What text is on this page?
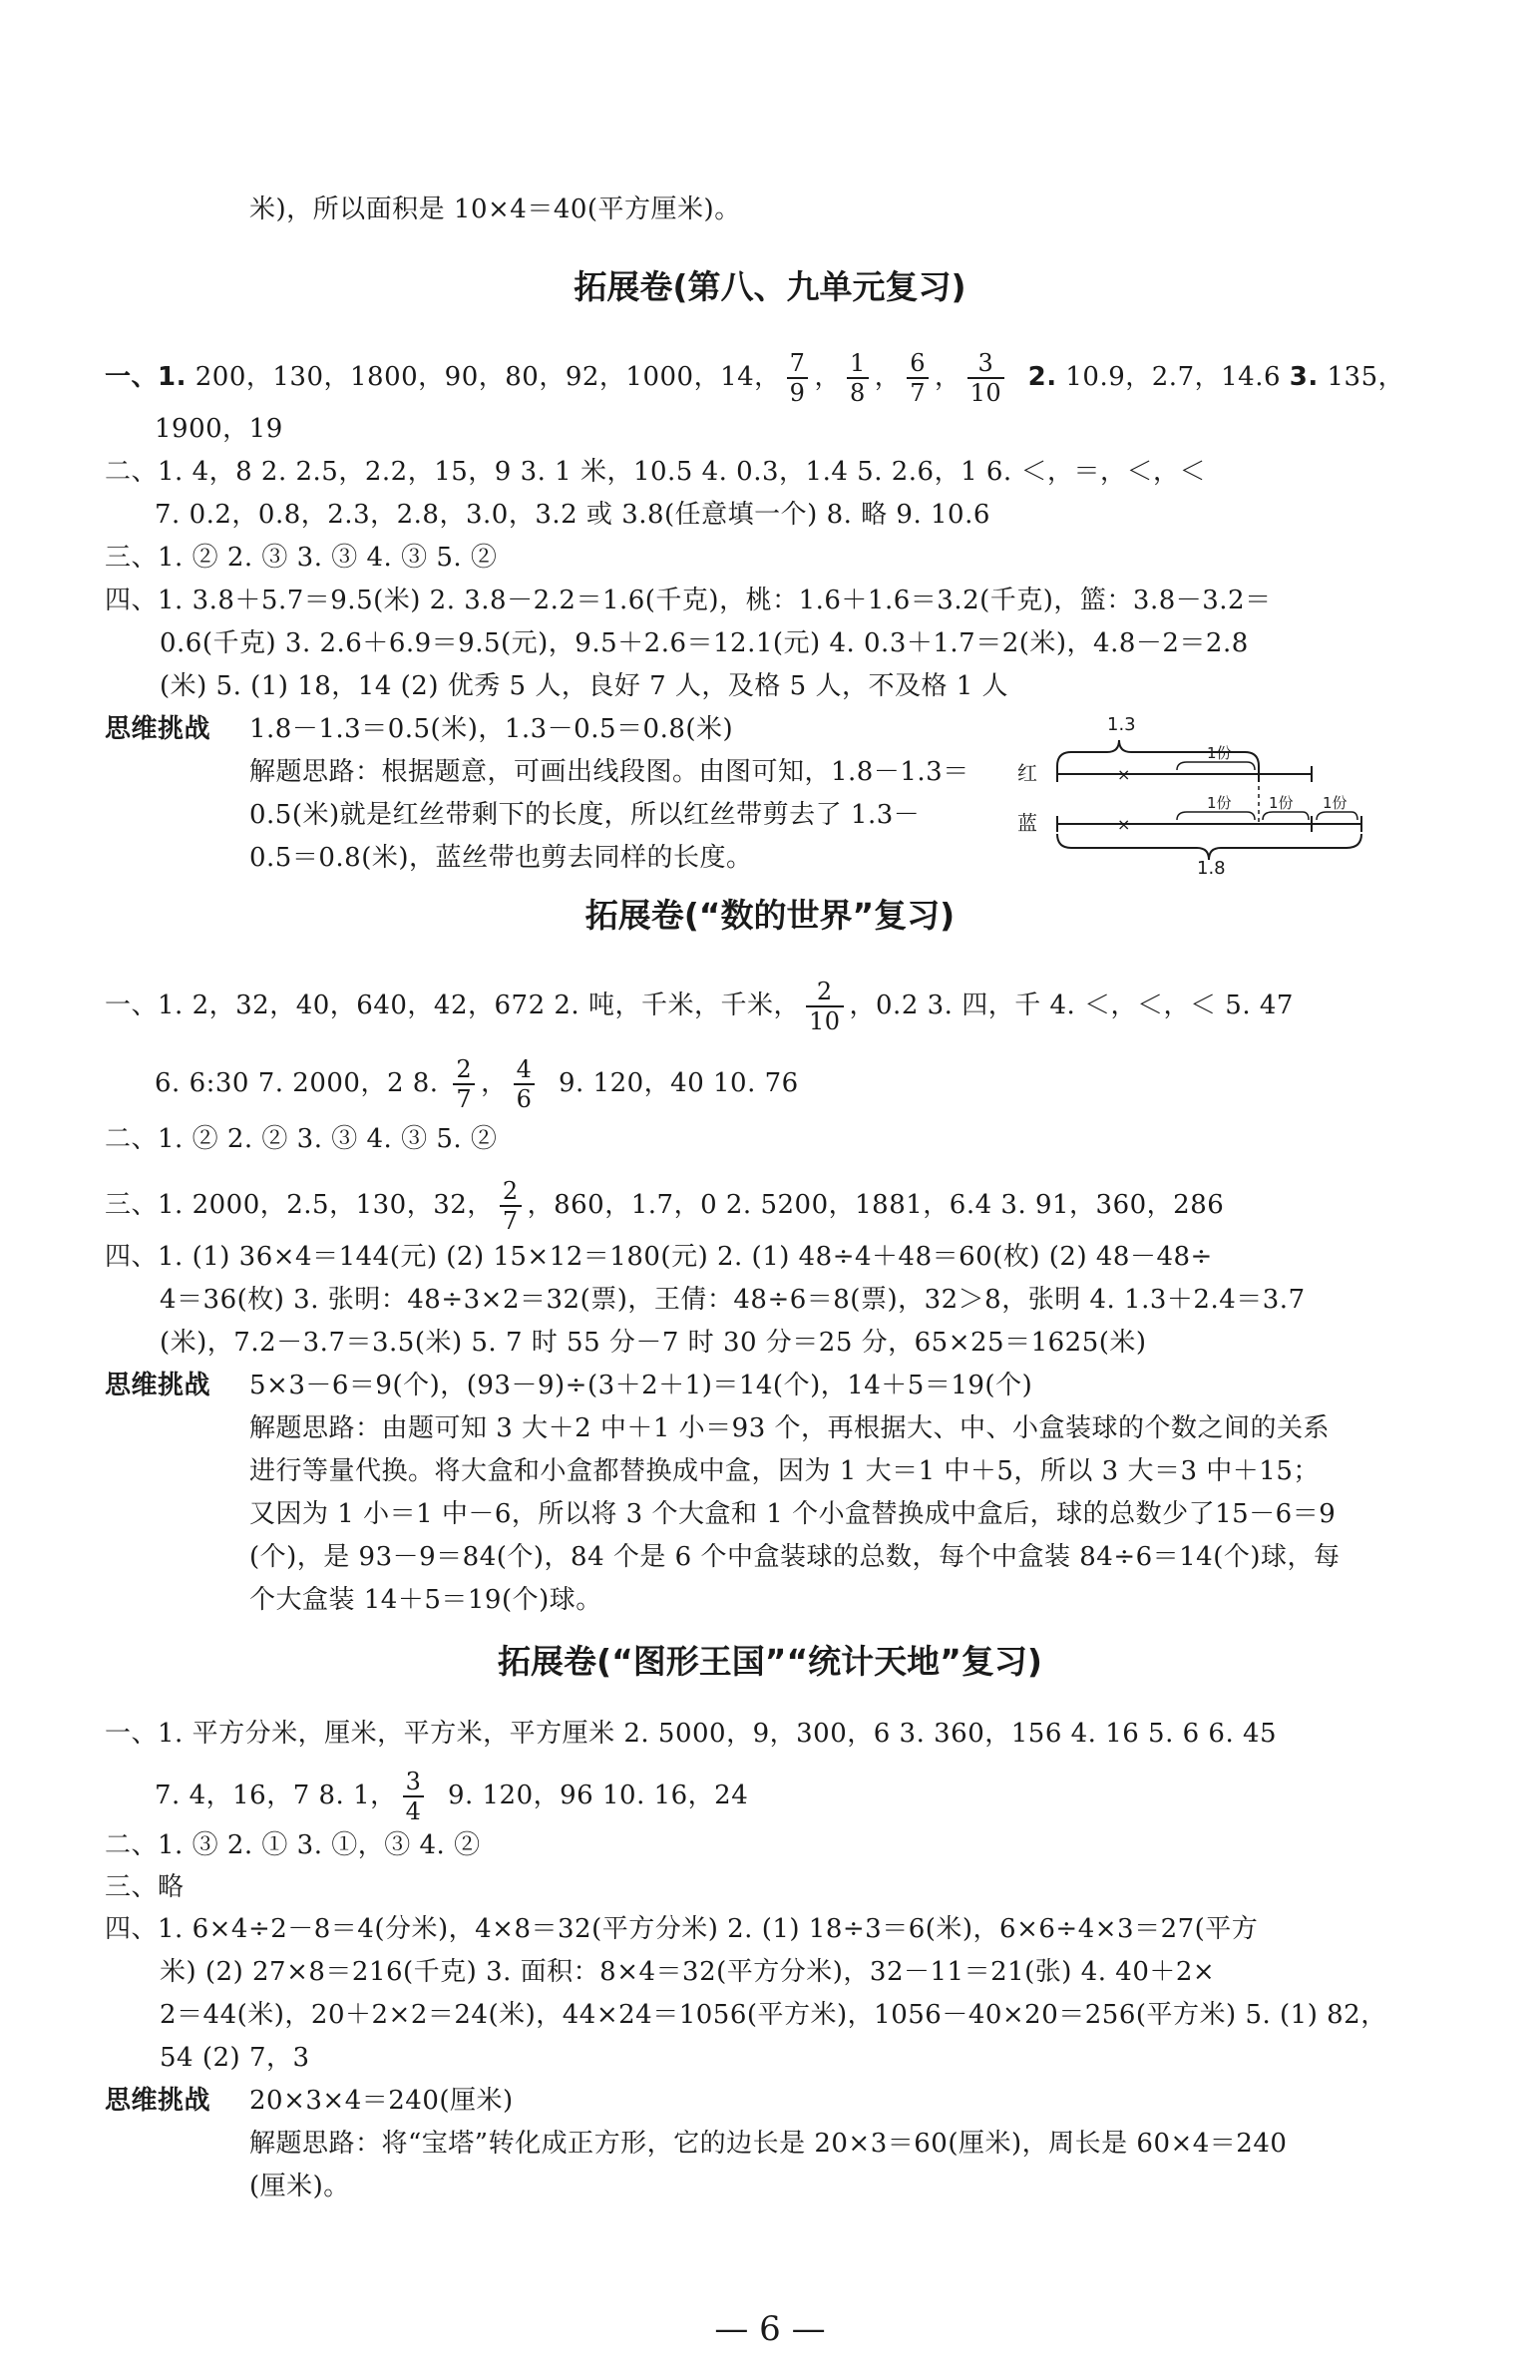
米)，所以面积是 10×4＝40(平方厘米)。
拓展卷(第八、九单元复习)
一、1. 200，130，1800，90，80，92，1000，14， $\frac{7}{9}$ ， $\frac{1}{8}$ ， $\frac{6}{7}$ ， $\frac{3}{10} 2$. 10.9，2.7，14.6 3. 135，
1900，19
二、1. 4，8 2. 2.5，2.2，15，9 3. 1 米，10.5 4. 0.3，1.4 5. 2.6，1 6. ＜，＝，＜，＜
7. 0.2，0.8，2.3，2.8，3.0，3.2 或 3.8(任意填一个) 8. 略 9. 10.6
三、1. ② 2. ③ 3. ③ 4. ③ 5. ②
四、1. 3.8＋5.7＝9.5(米) 2. 3.8－2.2＝1.6(千克)，桃：1.6＋1.6＝3.2(千克)，篮：3.8－3.2＝
0.6(千克) 3. 2.6＋6.9＝9.5(元)，9.5＋2.6＝12.1(元) 4. 0.3＋1.7＝2(米)，4.8－2＝2.8
(米) 5. (1) 18，14 (2) 优秀 5 人，良好 7 人，及格 5 人，不及格 1 人
思维挑战 1.8－1.3＝0.5(米)，1.3－0.5＝0.8(米)
解题思路：根据题意，可画出线段图。由图可知，1.8－1.3＝
0.5(米)就是红丝带剩下的长度，所以红丝带剪去了 1.3－
0.5＝0.8(米)，蓝丝带也剪去同样的长度。
1.3
红	×
1份
蓝	×
1份 1份 1份
1.8
拓展卷(“数的世界”复习)
一、1. 2，32，40，640，42，672 2. 吨，千米，千米， $\frac{2}{10}$ ，0.2 3. 四，千 4. ＜，＜，＜ 5. 47
6. 6:30 7. 2000，2 8. $\frac{2}{7}$ ， $\frac{4}{6} 9$. 120，40 10. 76
二、1. ② 2. ② 3. ③ 4. ③ 5. ②
三、1. 2000，2.5，130，32， $\frac{2}{7}$ ，860，1.7，0 2. 5200，1881，6.4 3. 91，360，286
四、1. (1) 36×4＝144(元) (2) 15×12＝180(元) 2. (1) 48÷4＋48＝60(枚) (2) 48－48÷
4＝36(枚) 3. 张明：48÷3×2＝32(票)，王倩：48÷6＝8(票)，32＞8，张明 4. 1.3＋2.4＝3.7
(米)，7.2－3.7＝3.5(米) 5. 7 时 55 分－7 时 30 分＝25 分，65×25＝1625(米)
思维挑战 5×3－6＝9(个)，(93－9)÷(3＋2＋1)＝14(个)，14＋5＝19(个)
解题思路：由题可知 3 大＋2 中＋1 小＝93 个，再根据大、中、小盒装球的个数之间的关系
进行等量代换。将大盒和小盒都替换成中盒，因为 1 大＝1 中＋5，所以 3 大＝3 中＋15；
又因为 1 小＝1 中－6，所以将 3 个大盒和 1 个小盒替换成中盒后，球的总数少了15－6＝9
(个)，是 93－9＝84(个)，84 个是 6 个中盒装球的总数，每个中盒装 84÷6＝14(个)球，每
个大盒装 14＋5＝19(个)球。
拓展卷(“图形王国”“统计天地”复习)
一、1. 平方分米，厘米，平方米，平方厘米 2. 5000，9，300，6 3. 360，156 4. 16 5. 6 6. 45
7. 4，16，7 8. 1， $\frac{3}{4} 9$. 120，96 10. 16，24
二、1. ③ 2. ① 3. ①，③ 4. ②
三、略
四、1. 6×4÷2－8＝4(分米)，4×8＝32(平方分米) 2. (1) 18÷3＝6(米)，6×6÷4×3＝27(平方
米) (2) 27×8＝216(千克) 3. 面积：8×4＝32(平方分米)，32－11＝21(张) 4. 40＋2×
2＝44(米)，20＋2×2＝24(米)，44×24＝1056(平方米)，1056－40×20＝256(平方米) 5. (1) 82，
54 (2) 7，3
思维挑战 20×3×4＝240(厘米)
解题思路：将“宝塔”转化成正方形，它的边长是 20×3＝60(厘米)，周长是 60×4＝240
(厘米)。
— 6 —
